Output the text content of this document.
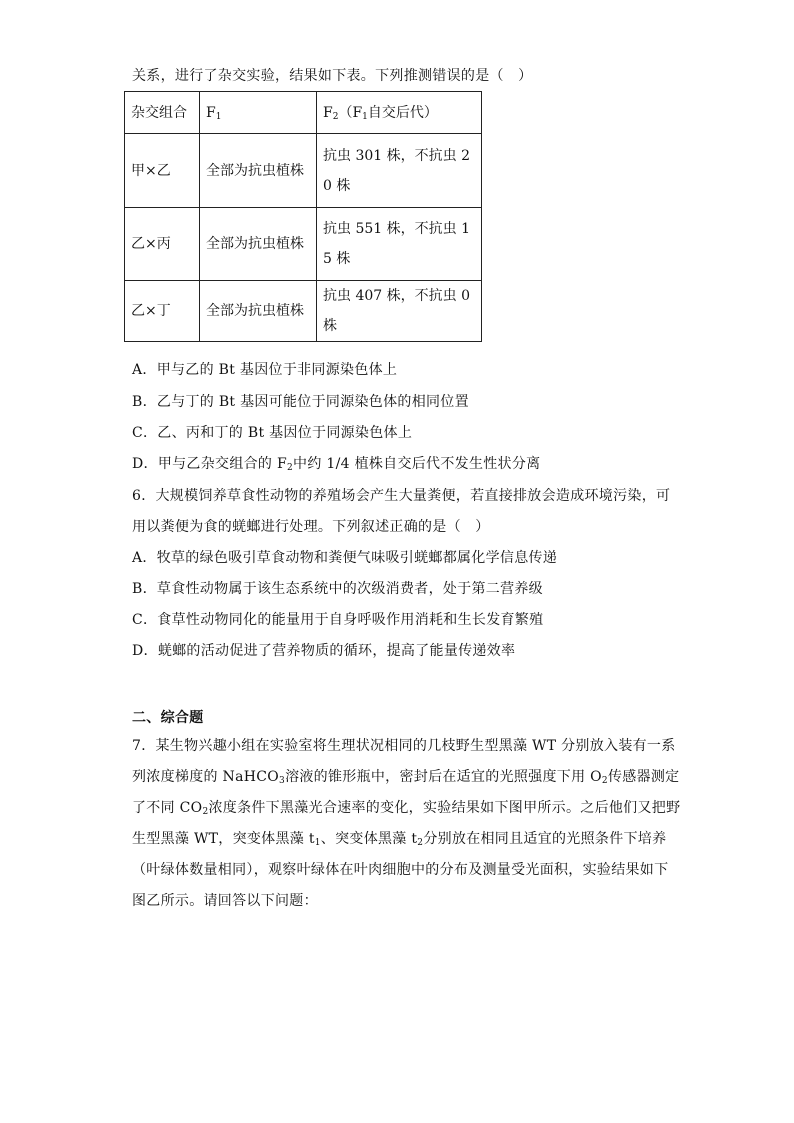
关系，进行了杂交实验，结果如下表。下列推测错误的是（　）
杂交组合	$F_1$	$F_2(F_1$自交后代）
甲×乙	全部为抗虫植株	抗虫 301 株，不抗虫 20 株
乙×丙	全部为抗虫植株	抗虫 551 株，不抗虫 15 株
乙×丁	全部为抗虫植株	抗虫 407 株，不抗虫 0 株
A．甲与乙的 Bt 基因位于非同源染色体上
B．乙与丁的 Bt 基因可能位于同源染色体的相同位置
C．乙、丙和丁的 Bt 基因位于同源染色体上
D．甲与乙杂交组合的 $F_2$中约 1/4 植株自交后代不发生性状分离
6．大规模饲养草食性动物的养殖场会产生大量粪便，若直接排放会造成环境污染，可
用以粪便为食的蜣螂进行处理。下列叙述正确的是（　）
A．牧草的绿色吸引草食动物和粪便气味吸引蜣螂都属化学信息传递
B．草食性动物属于该生态系统中的次级消费者，处于第二营养级
C．食草性动物同化的能量用于自身呼吸作用消耗和生长发育繁殖
D．蜣螂的活动促进了营养物质的循环，提高了能量传递效率
二、综合题
7．某生物兴趣小组在实验室将生理状况相同的几枝野生型黑藻 WT 分别放入装有一系
列浓度梯度的 NaHCO$_3$溶液的锥形瓶中，密封后在适宜的光照强度下用 $O_2$传感器测定
了不同 $CO_2$浓度条件下黑藻光合速率的变化，实验结果如下图甲所示。之后他们又把野
生型黑藻 WT，突变体黑藻 $t_1$、突变体黑藻 $t_2$分别放在相同且适宜的光照条件下培养
（叶绿体数量相同），观察叶绿体在叶肉细胞中的分布及测量受光面积，实验结果如下
图乙所示。请回答以下问题：
